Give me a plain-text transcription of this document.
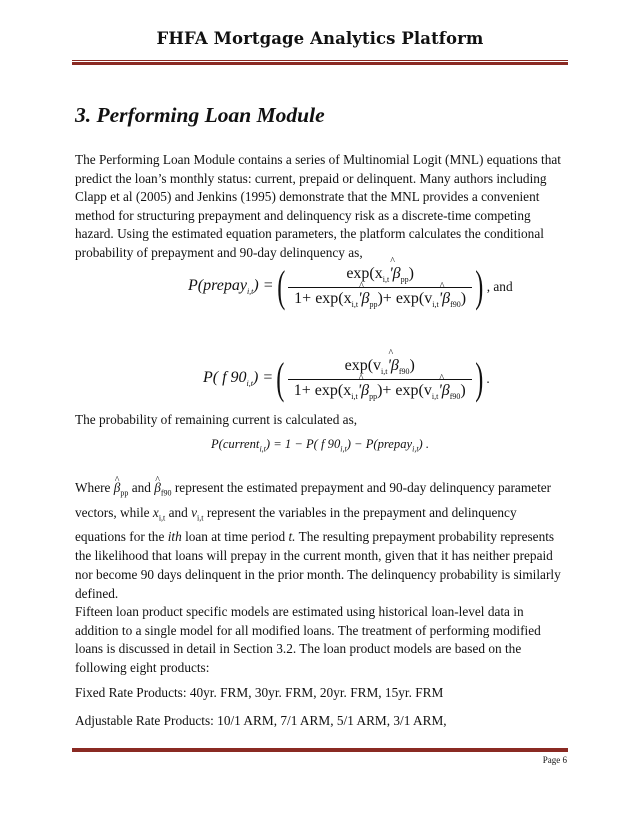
FHFA Mortgage Analytics Platform
3. Performing Loan Module
The Performing Loan Module contains a series of Multinomial Logit (MNL) equations that predict the loan’s monthly status: current, prepaid or delinquent. Many authors including Clapp et al (2005) and Jenkins (1995) demonstrate that the MNL provides a convenient method for structuring prepayment and delinquency risk as a discrete-time competing hazard. Using the estimated equation parameters, the platform calculates the conditional probability of prepayment and 90-day delinquency as,
P(prepay$_{i,t}$) = ( $\frac{\exp(x_{i,t}\^{} '\beta_{pp})}{1+ \exp(x_{i,t}\^{} '\beta_{pp})+ \exp(v_{i,t}\^{} '\beta_{f90})}$ ) , and
P( f $90_{i,t}$) = ( $\frac{\exp(v_{i,t}\^{} '\beta_{f90})}{1+ \exp(x_{i,t}\^{} '\beta_{pp})+ \exp(v_{i,t}\^{} '\beta_{f90})}$ ) .
The probability of remaining current is calculated as,
P(current$_{i,t}$) = 1 − P( f $90_{i,t}$) − P(prepay$_{i,t}$) .
Where ^ $\beta_{pp}$ and ^ $\beta_{f90}$ represent the estimated prepayment and 90-day delinquency parameter vectors, while $x_{i,t}$ and $v_{i,t}$ represent the variables in the prepayment and delinquency equations for the ith loan at time period t. The resulting prepayment probability represents the likelihood that loans will prepay in the current month, given that it has neither prepaid nor become 90 days delinquent in the prior month. The delinquency probability is similarly defined.
Fifteen loan product specific models are estimated using historical loan-level data in addition to a single model for all modified loans. The treatment of performing modified loans is discussed in detail in Section 3.2. The loan product models are based on the following eight products:
Fixed Rate Products: 40yr. FRM, 30yr. FRM, 20yr. FRM, 15yr. FRM
Adjustable Rate Products: 10/1 ARM, 7/1 ARM, 5/1 ARM, 3/1 ARM,
Page 6
